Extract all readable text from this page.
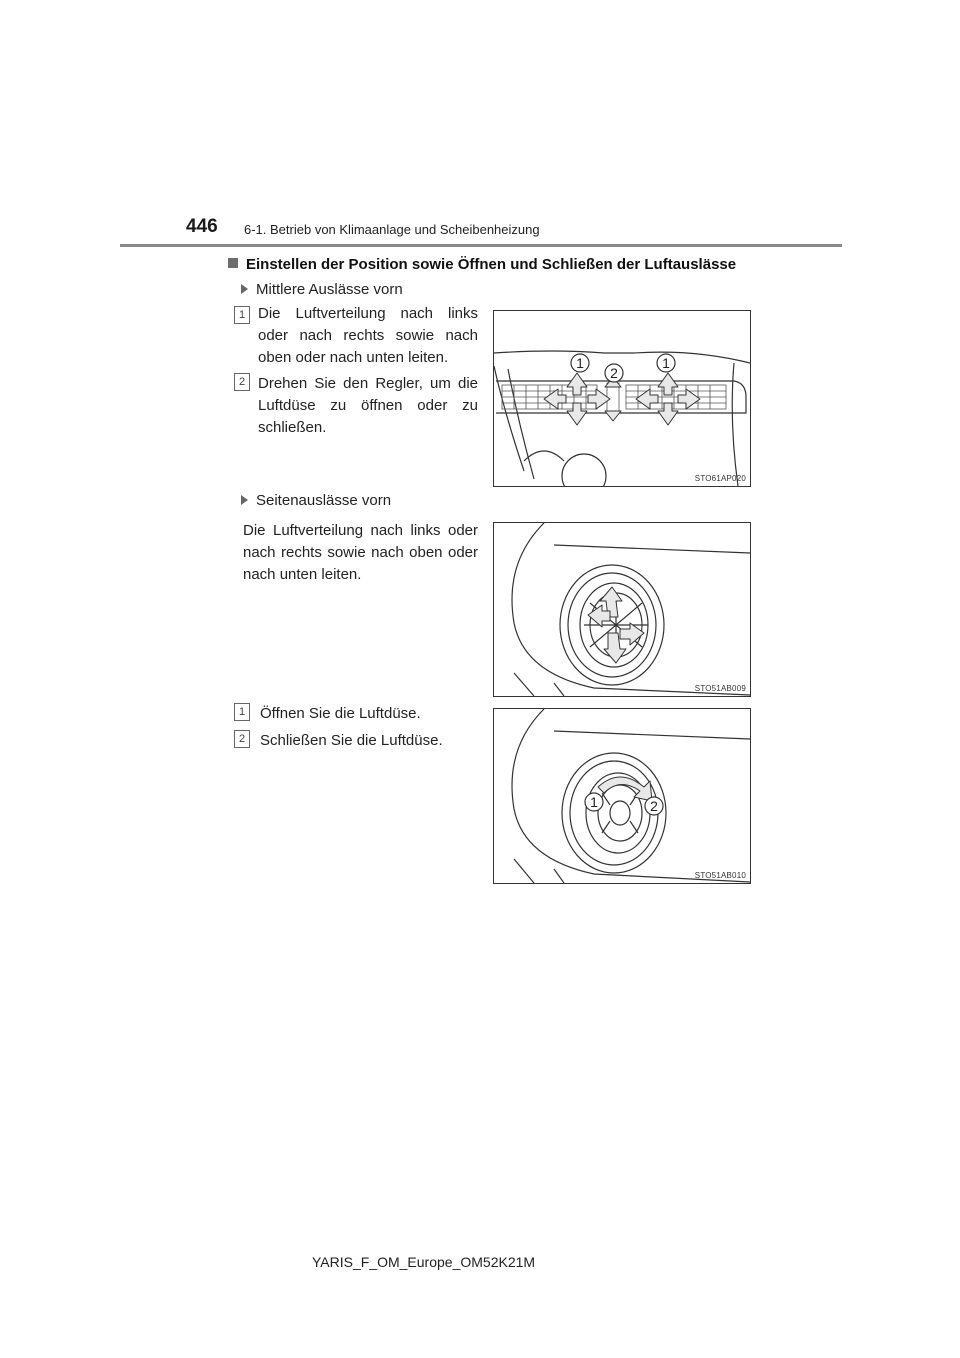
446 6-1. Betrieb von Klimaanlage und Scheibenheizung
Einstellen der Position sowie Öffnen und Schließen der Luftauslässe
Mittlere Auslässe vorn
1 Die Luftverteilung nach links oder nach rechts sowie nach oben oder nach unten leiten.
2 Drehen Sie den Regler, um die Luftdüse zu öffnen oder zu schließen.
1
2
1
STO61AP020
Seitenauslässe vorn
Die Luftverteilung nach links oder nach rechts sowie nach oben oder nach unten leiten.
STO51AB009
1 Öffnen Sie die Luftdüse.
2 Schließen Sie die Luftdüse.
1	2
STO51AB010
YARIS_F_OM_Europe_OM52K21M
